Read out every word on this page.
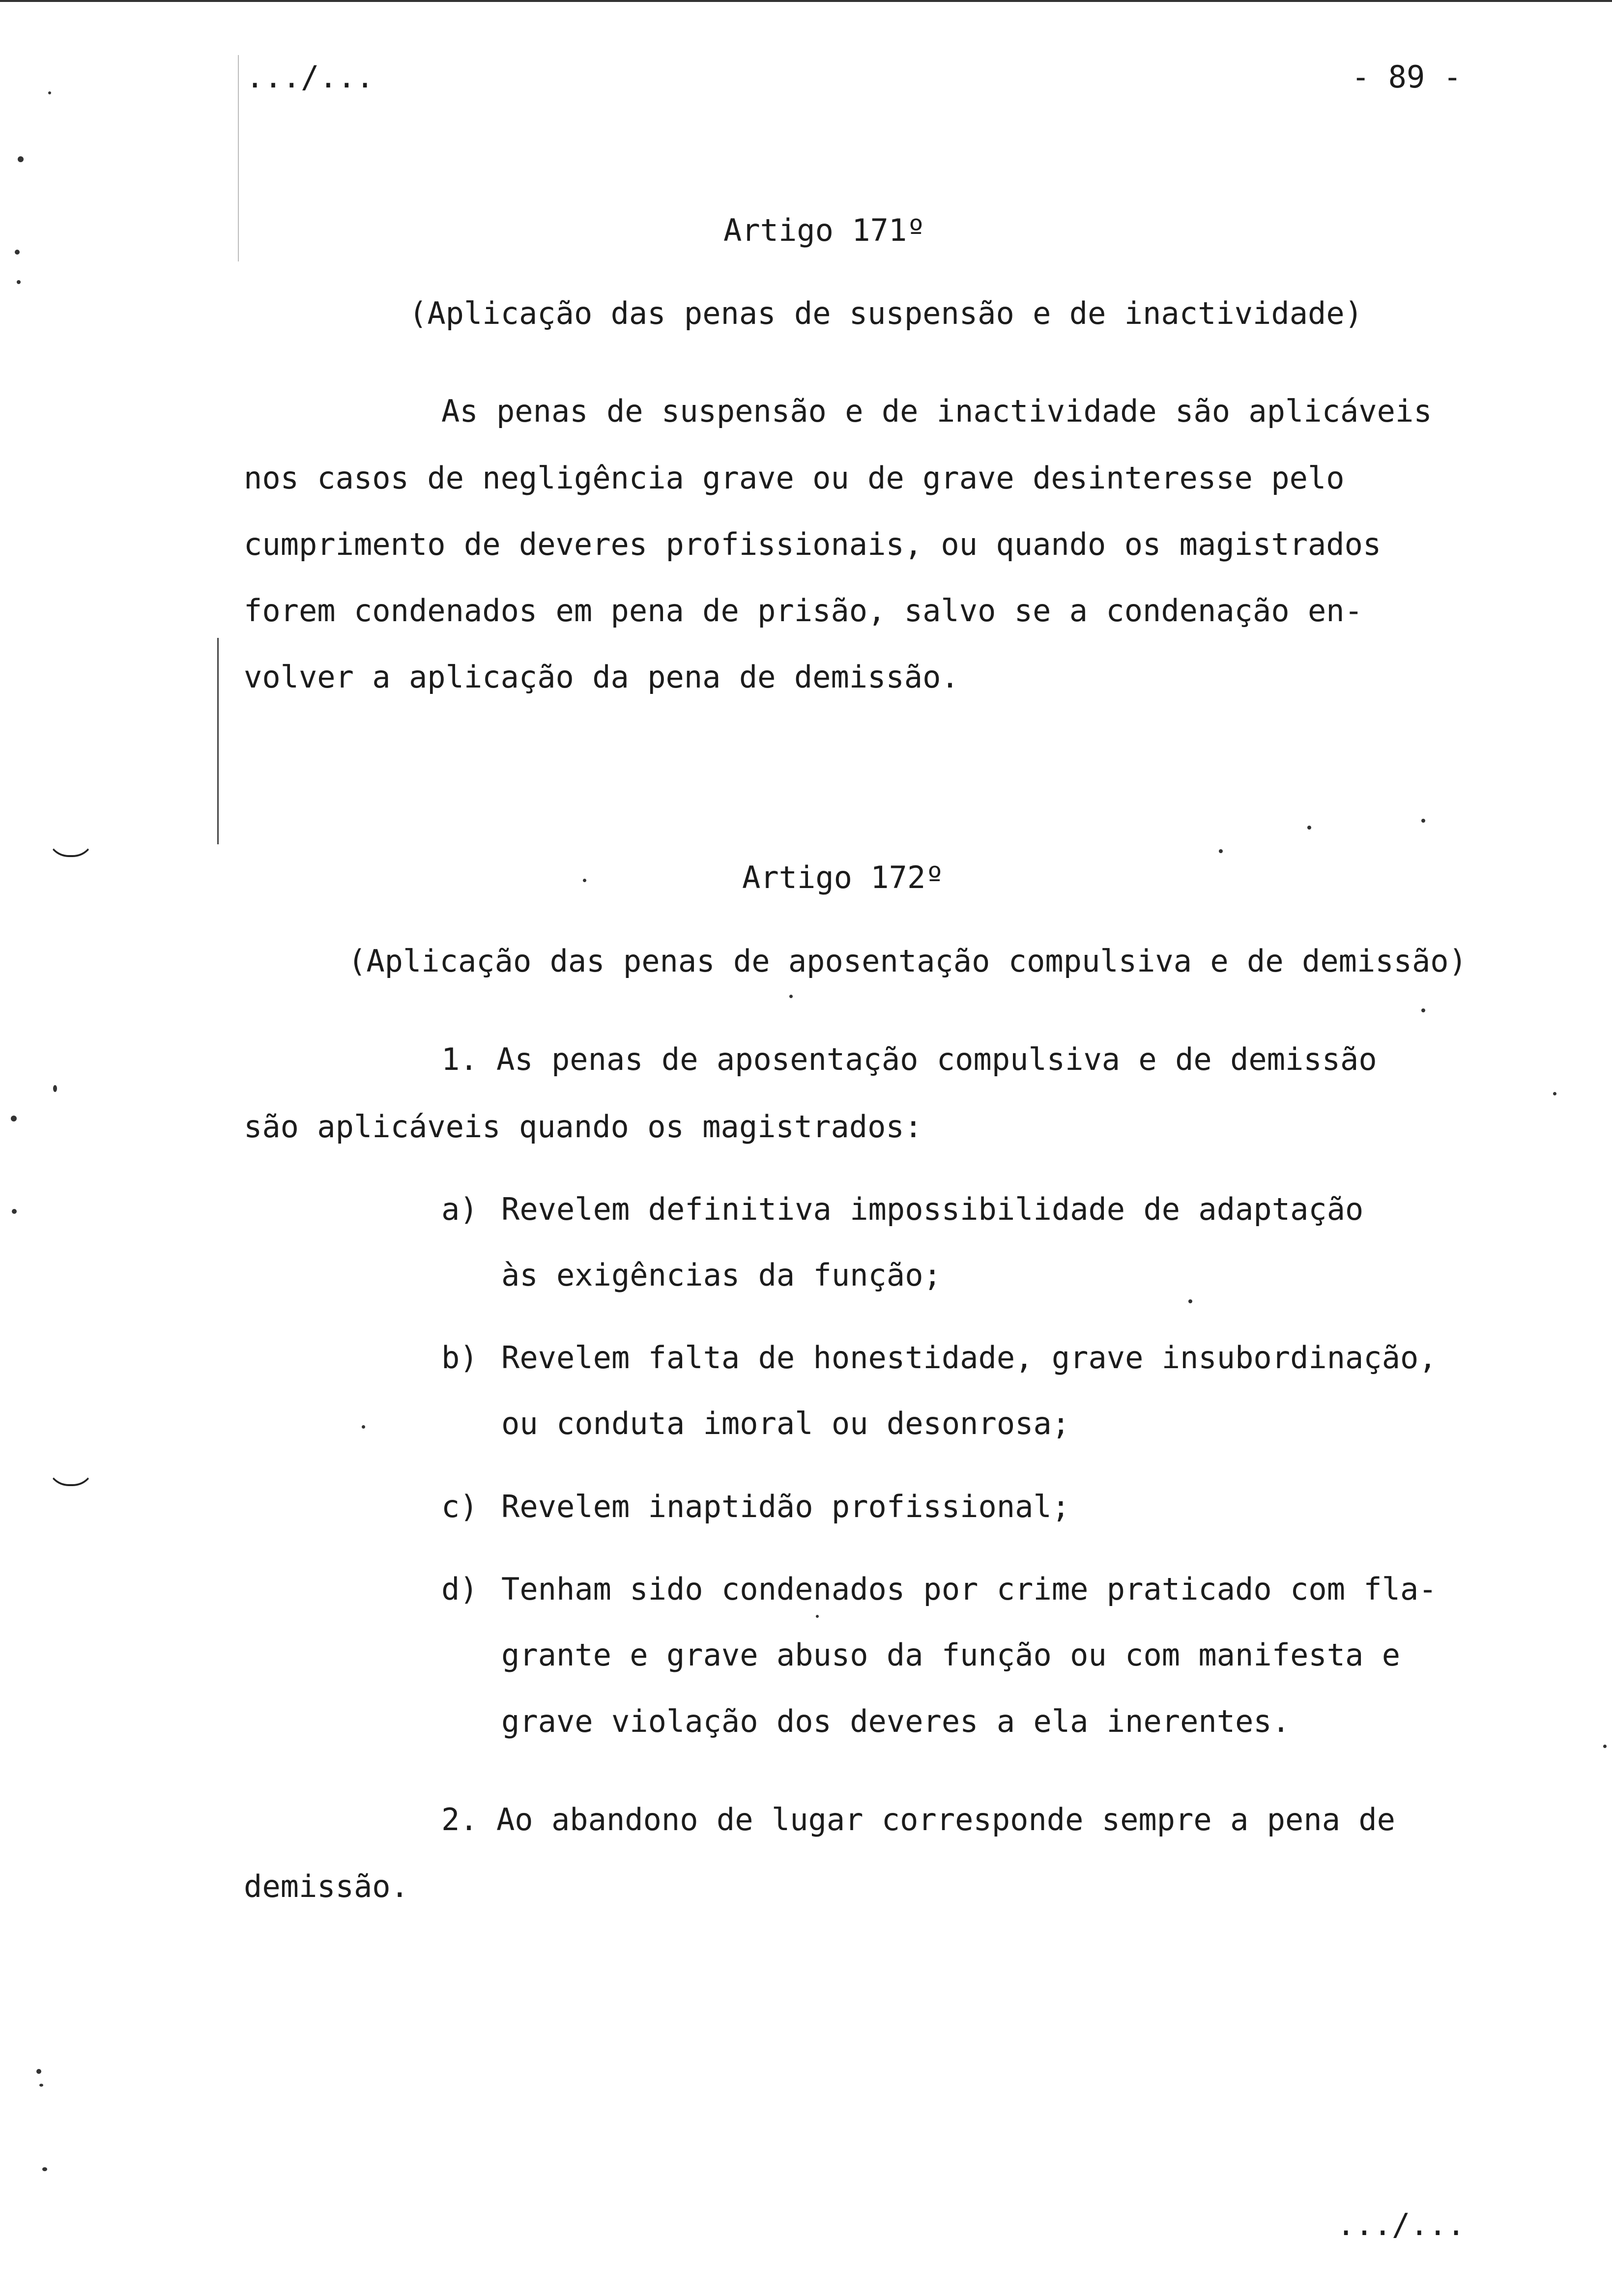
.../...	- 89 -
Artigo 171º
(Aplicação das penas de suspensão e de inactividade)
As penas de suspensão e de inactividade são aplicáveis
nos casos de negligência grave ou de grave desinteresse pelo
cumprimento de deveres profissionais, ou quando os magistrados
forem condenados em pena de prisão, salvo se a condenação en-
volver a aplicação da pena de demissão.
Artigo 172º
(Aplicação das penas de aposentação compulsiva e de demissão)
1. As penas de aposentação compulsiva e de demissão
são aplicáveis quando os magistrados:
a) Revelem definitiva impossibilidade de adaptação
às exigências da função;
b) Revelem falta de honestidade, grave insubordinação,
ou conduta imoral ou desonrosa;
c) Revelem inaptidão profissional;
d) Tenham sido condenados por crime praticado com fla-
grante e grave abuso da função ou com manifesta e
grave violação dos deveres a ela inerentes.
2. Ao abandono de lugar corresponde sempre a pena de
demissão.
.../...
